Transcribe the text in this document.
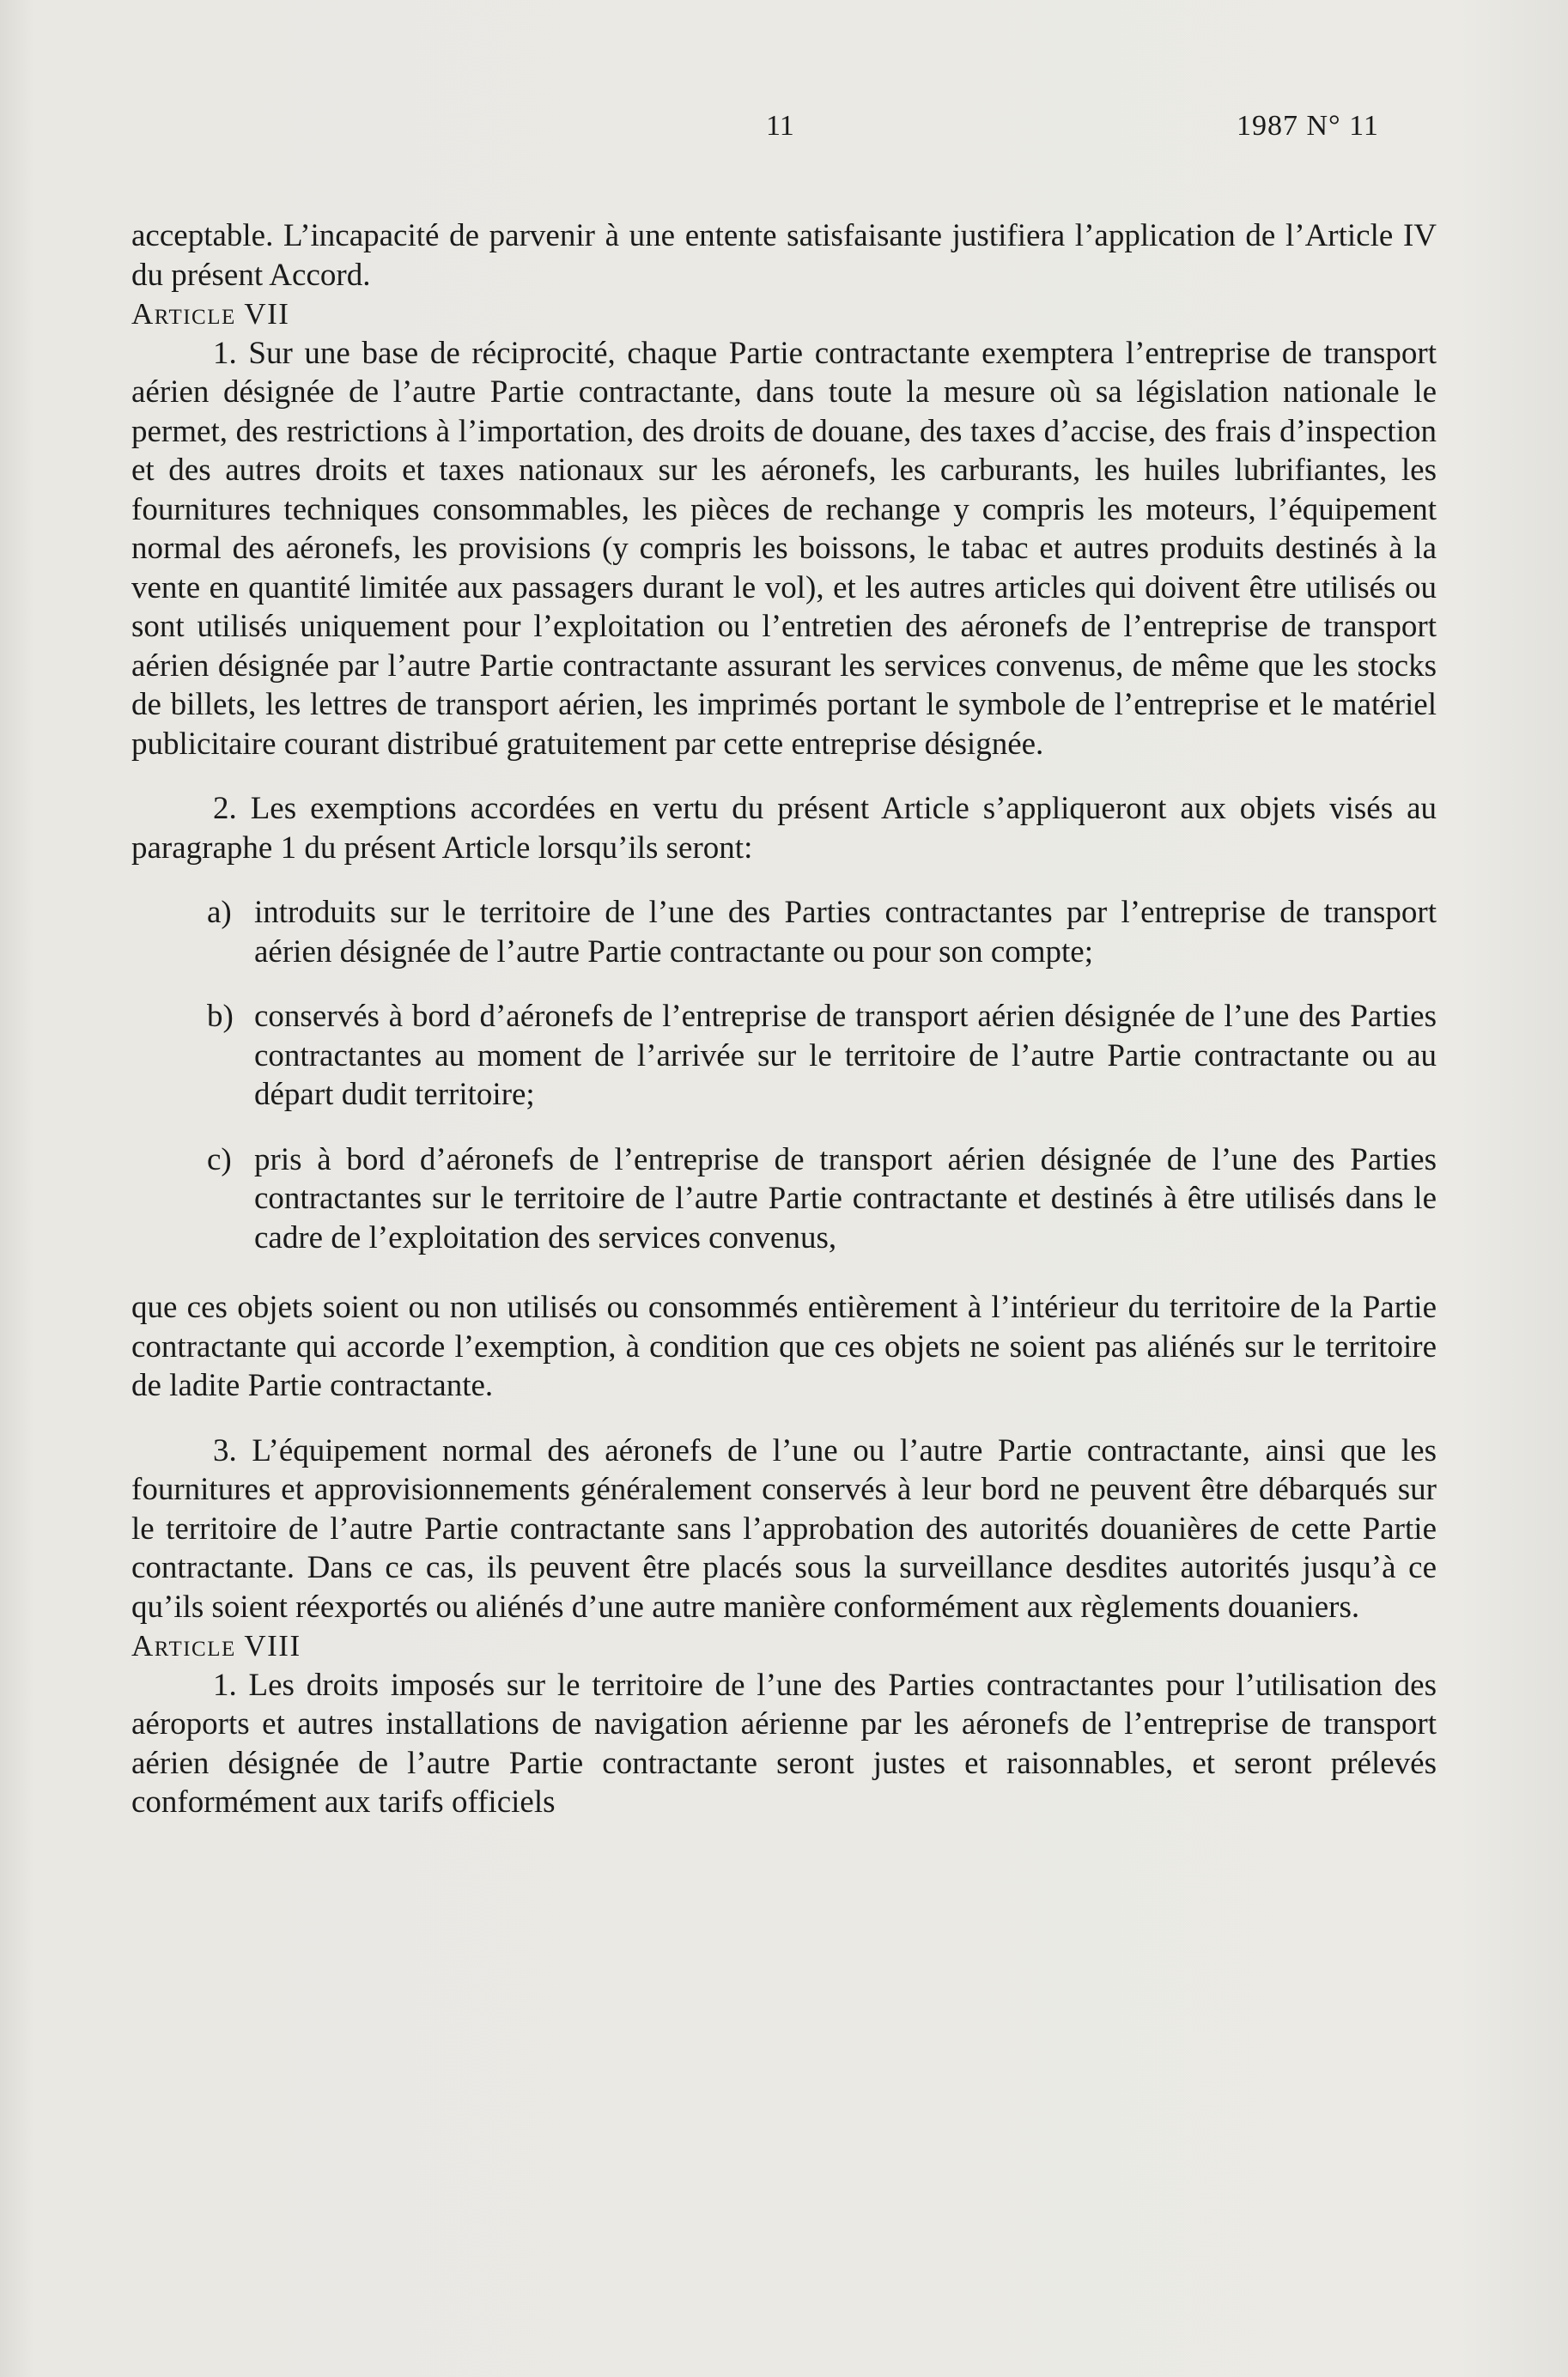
11	1987 N° 11

acceptable. L’incapacité de parvenir à une entente satisfaisante justifiera l’application de l’Article IV du présent Accord.

Article VII

1. Sur une base de réciprocité, chaque Partie contractante exemptera l’entreprise de transport aérien désignée de l’autre Partie contractante, dans toute la mesure où sa législation nationale le permet, des restrictions à l’importation, des droits de douane, des taxes d’accise, des frais d’inspection et des autres droits et taxes nationaux sur les aéronefs, les carburants, les huiles lubrifiantes, les fournitures techniques consommables, les pièces de rechange y compris les moteurs, l’équipement normal des aéronefs, les provisions (y compris les boissons, le tabac et autres produits destinés à la vente en quantité limitée aux passagers durant le vol), et les autres articles qui doivent être utilisés ou sont utilisés uniquement pour l’exploitation ou l’entretien des aéronefs de l’entreprise de transport aérien désignée par l’autre Partie contractante assurant les services convenus, de même que les stocks de billets, les lettres de transport aérien, les imprimés portant le symbole de l’entreprise et le matériel publicitaire courant distribué gratuitement par cette entreprise désignée.

2. Les exemptions accordées en vertu du présent Article s’appliqueront aux objets visés au paragraphe 1 du présent Article lorsqu’ils seront:

a) introduits sur le territoire de l’une des Parties contractantes par l’entreprise de transport aérien désignée de l’autre Partie contractante ou pour son compte;

b) conservés à bord d’aéronefs de l’entreprise de transport aérien désignée de l’une des Parties contractantes au moment de l’arrivée sur le territoire de l’autre Partie contractante ou au départ dudit territoire;

c) pris à bord d’aéronefs de l’entreprise de transport aérien désignée de l’une des Parties contractantes sur le territoire de l’autre Partie contractante et destinés à être utilisés dans le cadre de l’exploitation des services convenus,

que ces objets soient ou non utilisés ou consommés entièrement à l’intérieur du territoire de la Partie contractante qui accorde l’exemption, à condition que ces objets ne soient pas aliénés sur le territoire de ladite Partie contractante.

3. L’équipement normal des aéronefs de l’une ou l’autre Partie contractante, ainsi que les fournitures et approvisionnements généralement conservés à leur bord ne peuvent être débarqués sur le territoire de l’autre Partie contractante sans l’approbation des autorités douanières de cette Partie contractante. Dans ce cas, ils peuvent être placés sous la surveillance desdites autorités jusqu’à ce qu’ils soient réexportés ou aliénés d’une autre manière conformément aux règlements douaniers.

Article VIII

1. Les droits imposés sur le territoire de l’une des Parties contractantes pour l’utilisation des aéroports et autres installations de navigation aérienne par les aéronefs de l’entreprise de transport aérien désignée de l’autre Partie contractante seront justes et raisonnables, et seront prélevés conformément aux tarifs officiels
